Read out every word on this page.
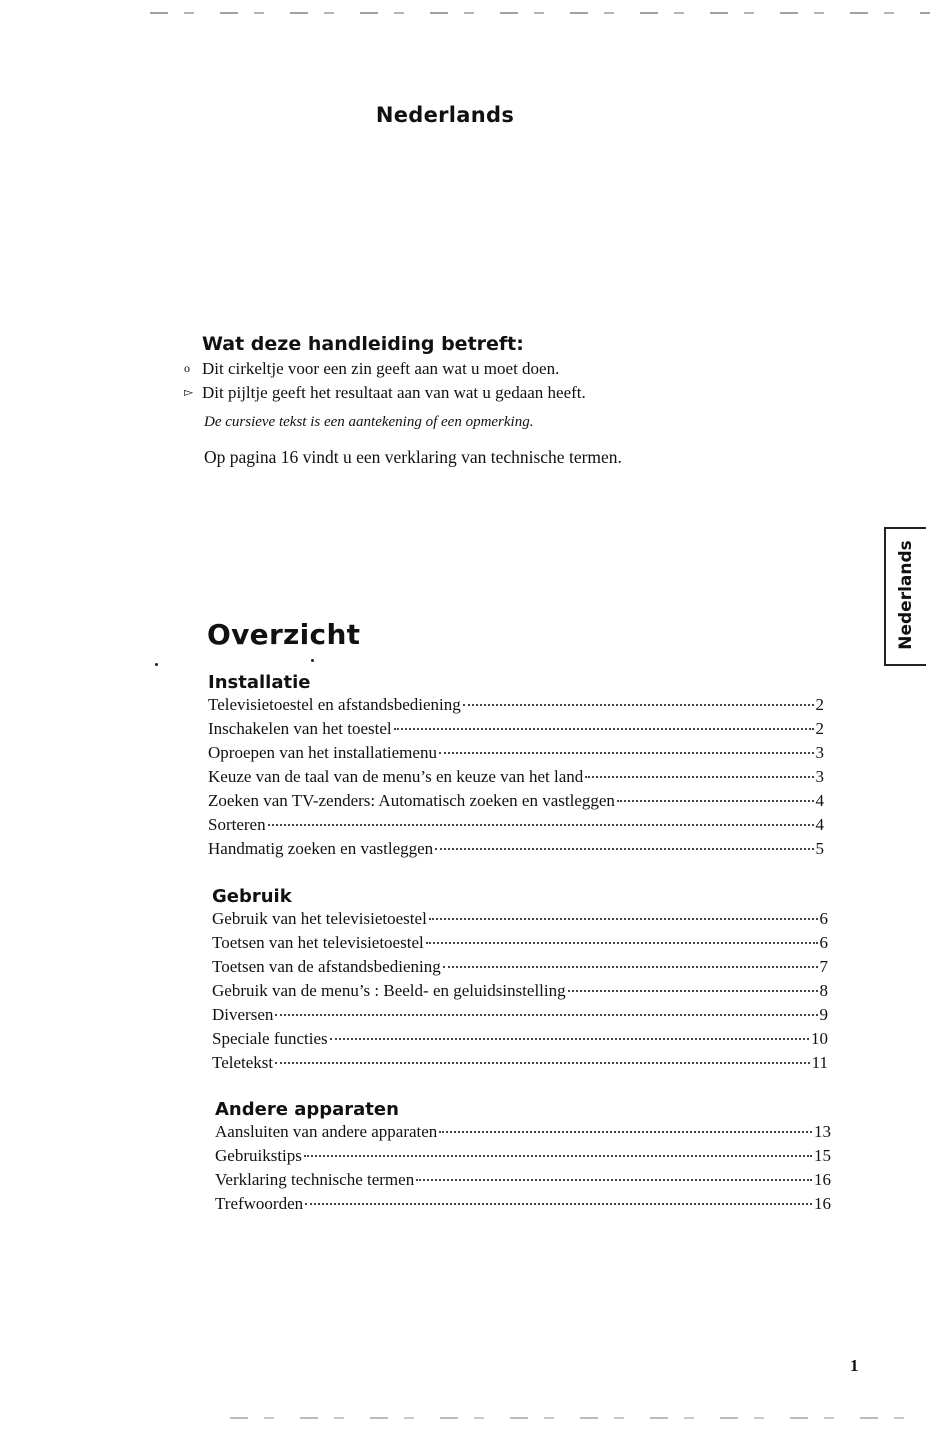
Nederlands
Wat deze handleiding betreft:
o Dit cirkeltje voor een zin geeft aan wat u moet doen.
▻ Dit pijltje geeft het resultaat aan van wat u gedaan heeft.
De cursieve tekst is een aantekening of een opmerking.
Op pagina 16 vindt u een verklaring van technische termen.
Nederlands
Overzicht
Installatie
Televisietoestel en afstandsbediening	2
Inschakelen van het toestel	2
Oproepen van het installatiemenu	3
Keuze van de taal van de menu’s en keuze van het land	3
Zoeken van TV-zenders: Automatisch zoeken en vastleggen	4
Sorteren	4
Handmatig zoeken en vastleggen	5
Gebruik
Gebruik van het televisietoestel	6
Toetsen van het televisietoestel	6
Toetsen van de afstandsbediening	7
Gebruik van de menu’s : Beeld- en geluidsinstelling	8
Diversen	9
Speciale functies	10
Teletekst	11
Andere apparaten
Aansluiten van andere apparaten	13
Gebruikstips	15
Verklaring technische termen	16
Trefwoorden	16
1
